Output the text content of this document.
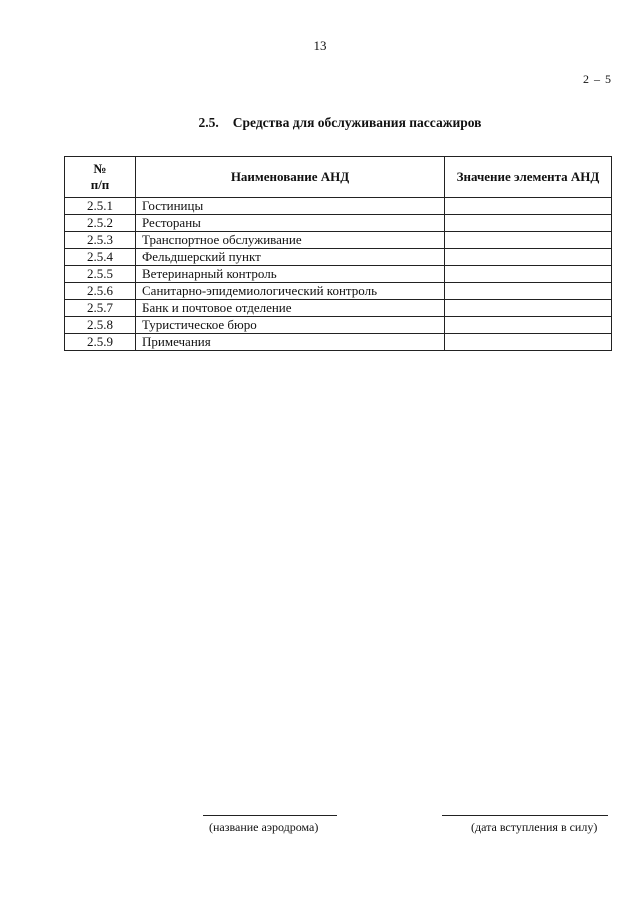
13
2 – 5
2.5. Средства для обслуживания пассажиров
№
п/п	Наименование АНД	Значение элемента АНД
2.5.1	Гостиницы	
2.5.2	Рестораны	
2.5.3	Транспортное обслуживание	
2.5.4	Фельдшерский пункт	
2.5.5	Ветеринарный контроль	
2.5.6	Санитарно-эпидемиологический контроль	
2.5.7	Банк и почтовое отделение	
2.5.8	Туристическое бюро	
2.5.9	Примечания	
(название аэродрома)	(дата вступления в силу)
